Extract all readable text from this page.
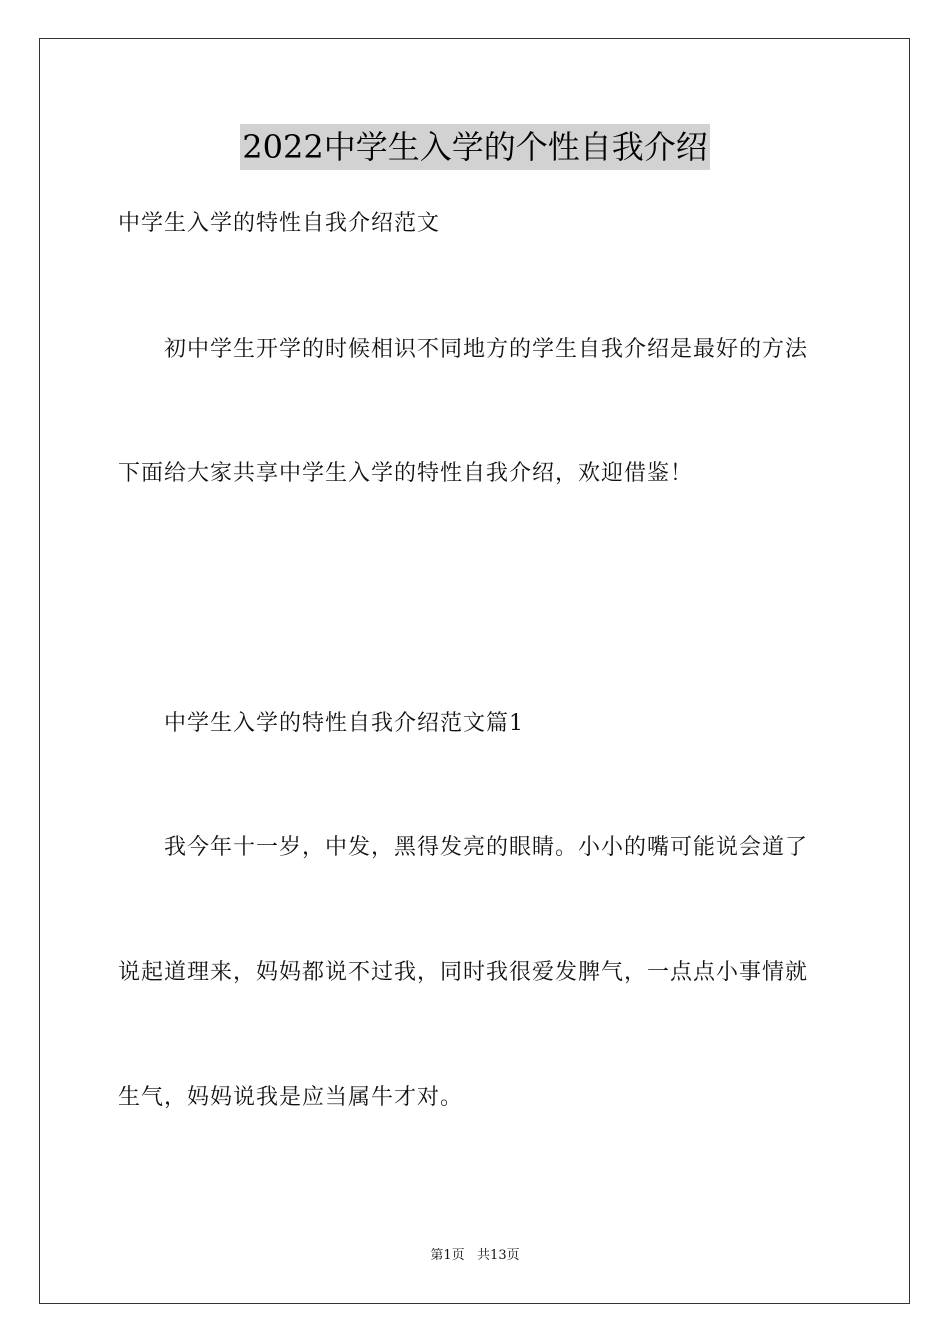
2022中学生入学的个性自我介绍
中学生入学的特性自我介绍范文
初中学生开学的时候相识不同地方的学生自我介绍是最好的方法
下面给大家共享中学生入学的特性自我介绍，欢迎借鉴！
中学生入学的特性自我介绍范文篇1
我今年十一岁，中发，黑得发亮的眼睛。小小的嘴可能说会道了
说起道理来，妈妈都说不过我，同时我很爱发脾气，一点点小事情就
生气，妈妈说我是应当属牛才对。
第1页   共13页
